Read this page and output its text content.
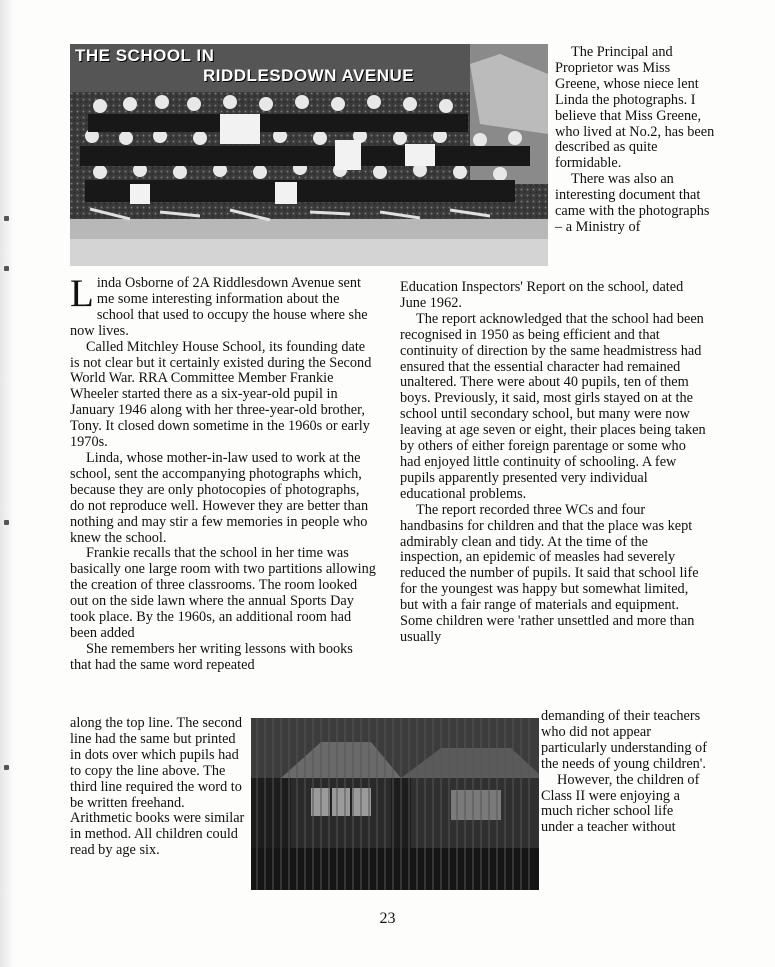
THE SCHOOL IN
RIDDLESDOWN AVENUE

The Principal and Proprietor was Miss Greene, whose niece lent Linda the photographs. I believe that Miss Greene, who lived at No.2, has been described as quite formidable.

There was also an interesting document that came with the photographs – a Ministry of

Linda Osborne of 2A Riddlesdown Avenue sent me some interesting information about the school that used to occupy the house where she now lives.

Called Mitchley House School, its founding date is not clear but it certainly existed during the Second World War. RRA Committee Member Frankie Wheeler started there as a six-year-old pupil in January 1946 along with her three-year-old brother, Tony. It closed down sometime in the 1960s or early 1970s.

Linda, whose mother-in-law used to work at the school, sent the accompanying photographs which, because they are only photocopies of photographs, do not reproduce well. However they are better than nothing and may stir a few memories in people who knew the school.

Frankie recalls that the school in her time was basically one large room with two partitions allowing the creation of three classrooms. The room looked out on the side lawn where the annual Sports Day took place. By the 1960s, an additional room had been added

She remembers her writing lessons with books that had the same word repeated

along the top line. The second line had the same but printed in dots over which pupils had to copy the line above. The third line required the word to be written freehand. Arithmetic books were similar in method. All children could read by age six.

Education Inspectors' Report on the school, dated June 1962.

The report acknowledged that the school had been recognised in 1950 as being efficient and that continuity of direction by the same headmistress had ensured that the essential character had remained unaltered. There were about 40 pupils, ten of them boys. Previously, it said, most girls stayed on at the school until secondary school, but many were now leaving at age seven or eight, their places being taken by others of either foreign parentage or some who had enjoyed little continuity of schooling. A few pupils apparently presented very individual educational problems.

The report recorded three WCs and four handbasins for children and that the place was kept admirably clean and tidy. At the time of the inspection, an epidemic of measles had severely reduced the number of pupils. It said that school life for the youngest was happy but somewhat limited, but with a fair range of materials and equipment. Some children were 'rather unsettled and more than usually

demanding of their teachers who did not appear particularly understanding of the needs of young children'.

However, the children of Class II were enjoying a much richer school life under a teacher without

23
